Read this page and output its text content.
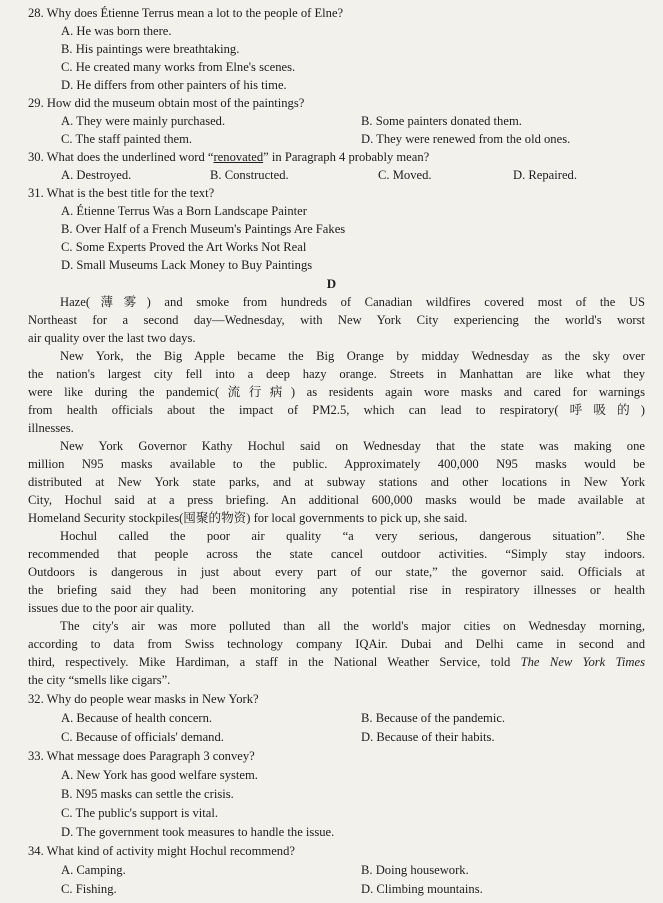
28. Why does Étienne Terrus mean a lot to the people of Elne?
A. He was born there.
B. His paintings were breathtaking.
C. He created many works from Elne's scenes.
D. He differs from other painters of his time.
29. How did the museum obtain most of the paintings?
A. They were mainly purchased.	B. Some painters donated them.
C. The staff painted them.	D. They were renewed from the old ones.
30. What does the underlined word “renovated” in Paragraph 4 probably mean?
A. Destroyed.	B. Constructed.	C. Moved.	D. Repaired.
31. What is the best title for the text?
A. Étienne Terrus Was a Born Landscape Painter
B. Over Half of a French Museum's Paintings Are Fakes
C. Some Experts Proved the Art Works Not Real
D. Small Museums Lack Money to Buy Paintings
D
Haze(薄雾) and smoke from hundreds of Canadian wildfires covered most of the US
Northeast for a second day—Wednesday, with New York City experiencing the world's worst
air quality over the last two days.
New York, the Big Apple became the Big Orange by midday Wednesday as the sky over
the nation's largest city fell into a deep hazy orange. Streets in Manhattan are like what they
were like during the pandemic(流行病) as residents again wore masks and cared for warnings
from health officials about the impact of PM2.5, which can lead to respiratory(呼吸的)
illnesses.
New York Governor Kathy Hochul said on Wednesday that the state was making one
million N95 masks available to the public. Approximately 400,000 N95 masks would be
distributed at New York state parks, and at subway stations and other locations in New York
City, Hochul said at a press briefing. An additional 600,000 masks would be made available at
Homeland Security stockpiles(囤聚的物资) for local governments to pick up, she said.
Hochul called the poor air quality “a very serious, dangerous situation”. She
recommended that people across the state cancel outdoor activities. “Simply stay indoors.
Outdoors is dangerous in just about every part of our state,” the governor said. Officials at
the briefing said they had been monitoring any potential rise in respiratory illnesses or health
issues due to the poor air quality.
The city's air was more polluted than all the world's major cities on Wednesday morning,
according to data from Swiss technology company IQAir. Dubai and Delhi came in second and
third, respectively. Mike Hardiman, a staff in the National Weather Service, told The New York Times
the city “smells like cigars”.
32. Why do people wear masks in New York?
A. Because of health concern.	B. Because of the pandemic.
C. Because of officials' demand.	D. Because of their habits.
33. What message does Paragraph 3 convey?
A. New York has good welfare system.
B. N95 masks can settle the crisis.
C. The public's support is vital.
D. The government took measures to handle the issue.
34. What kind of activity might Hochul recommend?
A. Camping.	B. Doing housework.
C. Fishing.	D. Climbing mountains.
